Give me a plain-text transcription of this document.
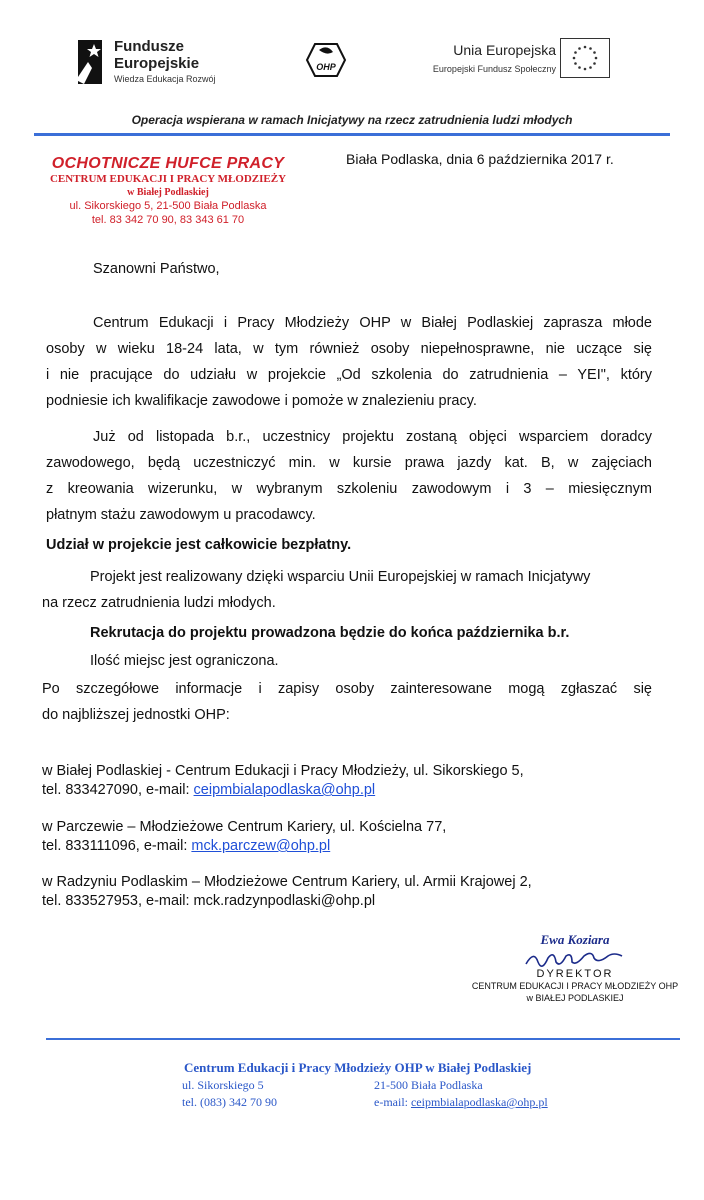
Fundusze
Europejskie
Wiedza Edukacja Rozwój
OHP
Unia Europejska
Europejski Fundusz Społeczny
Operacja wspierana w ramach Inicjatywy na rzecz zatrudnienia ludzi młodych
OCHOTNICZE HUFCE PRACY
CENTRUM EDUKACJI I PRACY MŁODZIEŻY
w Białej Podlaskiej
ul. Sikorskiego 5, 21-500 Biała Podlaska
tel. 83 342 70 90, 83 343 61 70
Biała Podlaska, dnia 6 października 2017 r.
Szanowni Państwo,
Centrum Edukacji i Pracy Młodzieży OHP w Białej Podlaskiej zaprasza młode
osoby w wieku 18-24 lata, w tym również osoby niepełnosprawne, nie uczące się
i nie pracujące do udziału w projekcie „Od szkolenia do zatrudnienia – YEI", który
podniesie ich kwalifikacje zawodowe i pomoże w znalezieniu pracy.
Już od listopada b.r., uczestnicy projektu zostaną objęci wsparciem doradcy
zawodowego, będą uczestniczyć min. w kursie prawa jazdy kat. B, w zajęciach
z kreowania wizerunku, w wybranym szkoleniu zawodowym i 3 – miesięcznym
płatnym stażu zawodowym u pracodawcy.
Udział w projekcie jest całkowicie bezpłatny.
Projekt jest realizowany dzięki wsparciu Unii Europejskiej w ramach Inicjatywy
na rzecz zatrudnienia ludzi młodych.
Rekrutacja do projektu prowadzona będzie do końca października b.r.
Ilość miejsc jest ograniczona.
Po szczegółowe informacje i zapisy osoby zainteresowane mogą zgłaszać się
do najbliższej jednostki OHP:
w Białej Podlaskiej - Centrum Edukacji i Pracy Młodzieży, ul. Sikorskiego 5,
tel. 833427090, e-mail: ceipmbialapodlaska@ohp.pl
w Parczewie – Młodzieżowe Centrum Kariery, ul. Kościelna 77,
tel. 833111096, e-mail: mck.parczew@ohp.pl
w Radzyniu Podlaskim – Młodzieżowe Centrum Kariery, ul. Armii Krajowej 2,
tel. 833527953, e-mail: mck.radzynpodlaski@ohp.pl
Ewa Koziara
DYREKTOR
CENTRUM EDUKACJI I PRACY MŁODZIEŻY OHP
w BIAŁEJ PODLASKIEJ
Centrum Edukacji i Pracy Młodzieży OHP w Białej Podlaskiej
ul. Sikorskiego 5	21-500 Biała Podlaska
tel. (083) 342 70 90	e-mail: ceipmbialapodlaska@ohp.pl
